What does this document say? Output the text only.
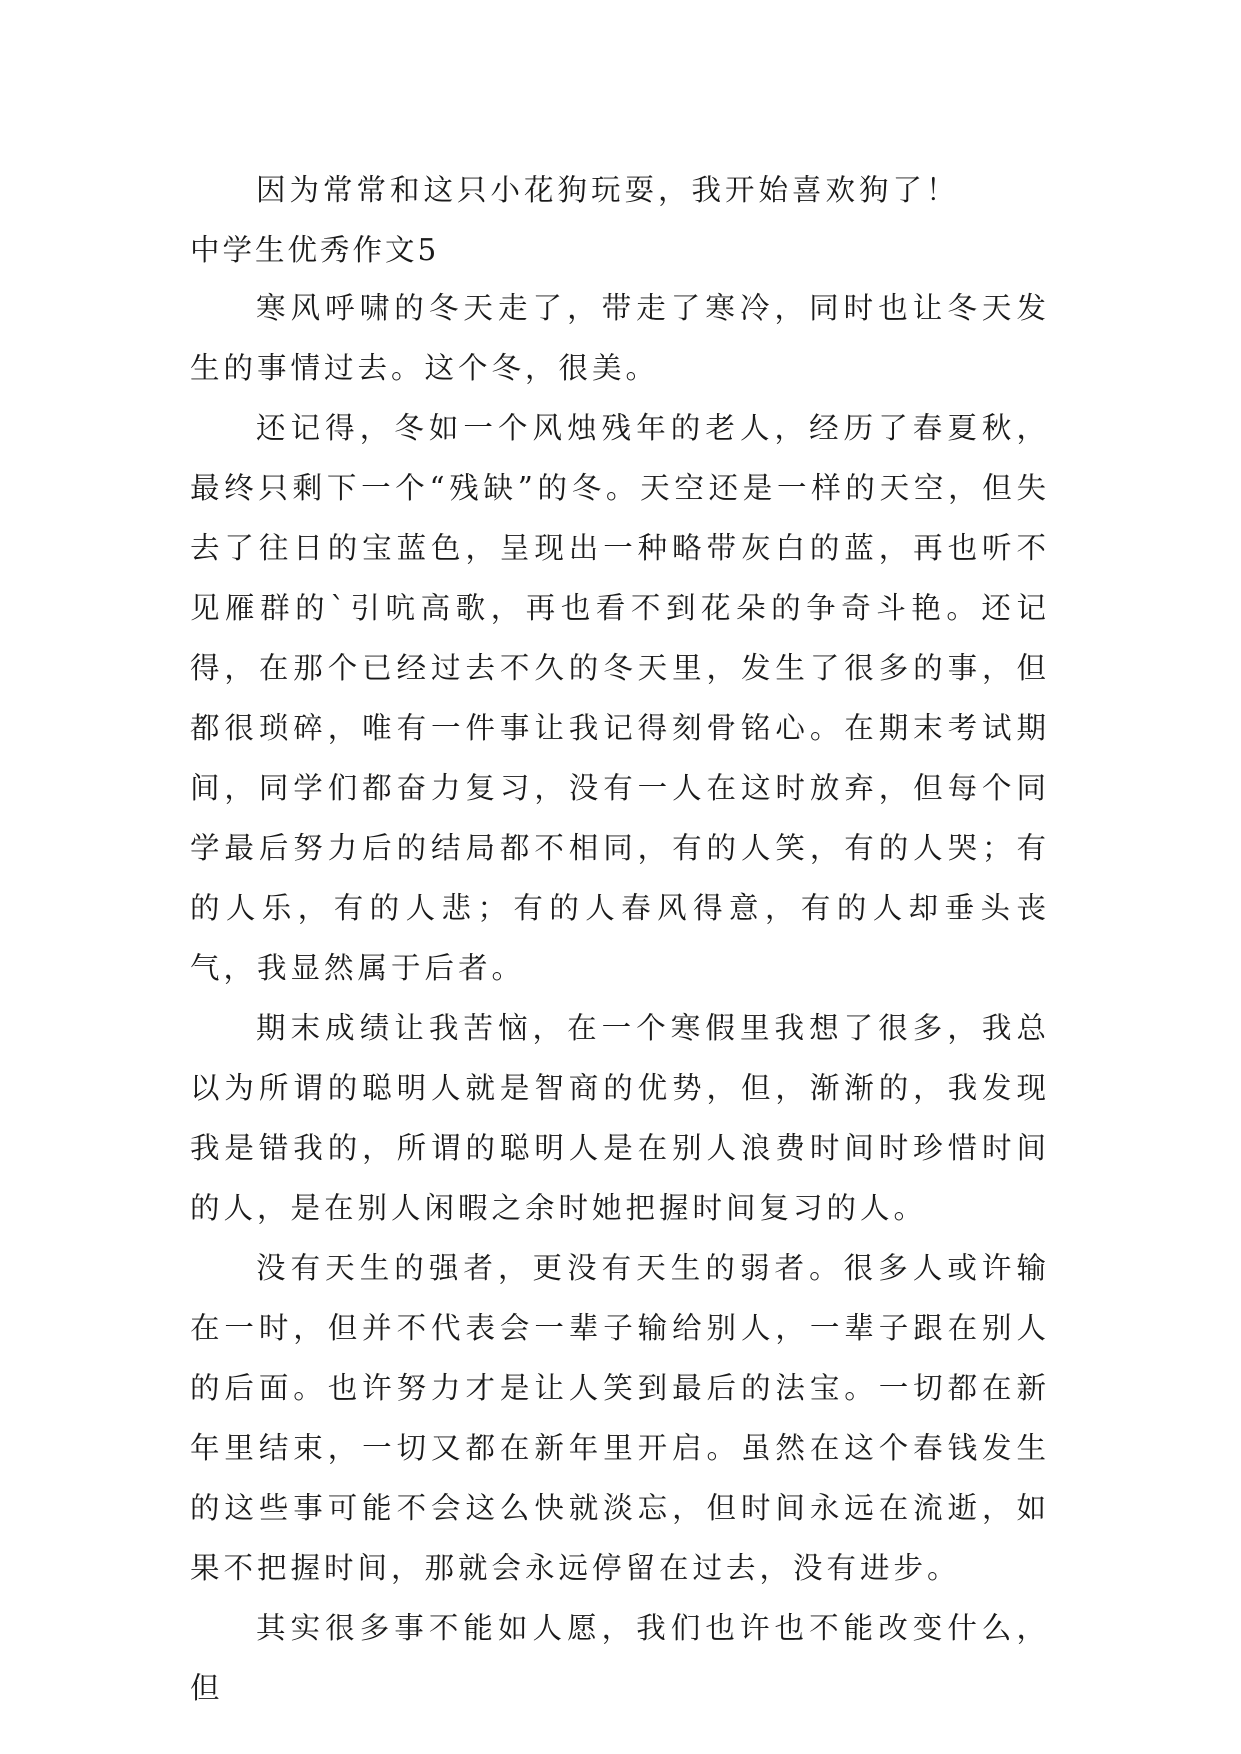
因为常常和这只小花狗玩耍，我开始喜欢狗了！

中学生优秀作文5

寒风呼啸的冬天走了，带走了寒冷，同时也让冬天发生的事情过去。这个冬，很美。

还记得，冬如一个风烛残年的老人，经历了春夏秋，最终只剩下一个“残缺”的冬。天空还是一样的天空，但失去了往日的宝蓝色，呈现出一种略带灰白的蓝，再也听不见雁群的`引吭高歌，再也看不到花朵的争奇斗艳。还记得，在那个已经过去不久的冬天里，发生了很多的事，但都很琐碎，唯有一件事让我记得刻骨铭心。在期末考试期间，同学们都奋力复习，没有一人在这时放弃，但每个同学最后努力后的结局都不相同，有的人笑，有的人哭；有的人乐，有的人悲；有的人春风得意，有的人却垂头丧气，我显然属于后者。

期末成绩让我苦恼，在一个寒假里我想了很多，我总以为所谓的聪明人就是智商的优势，但，渐渐的，我发现我是错我的，所谓的聪明人是在别人浪费时间时珍惜时间的人，是在别人闲暇之余时她把握时间复习的人。

没有天生的强者，更没有天生的弱者。很多人或许输在一时，但并不代表会一辈子输给别人，一辈子跟在别人的后面。也许努力才是让人笑到最后的法宝。一切都在新年里结束，一切又都在新年里开启。虽然在这个春钱发生的这些事可能不会这么快就淡忘，但时间永远在流逝，如果不把握时间，那就会永远停留在过去，没有进步。

其实很多事不能如人愿，我们也许也不能改变什么，但
